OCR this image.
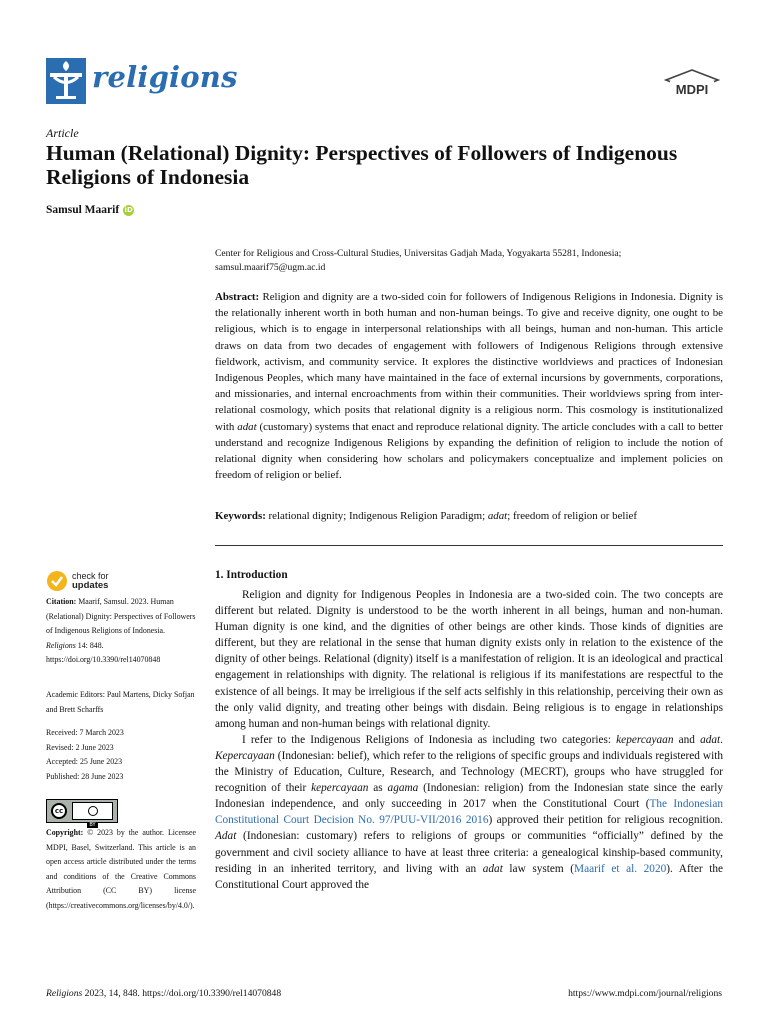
religions	MDPI
Article
Human (Relational) Dignity: Perspectives of Followers of Indigenous Religions of Indonesia
Samsul Maarif iD
Center for Religious and Cross-Cultural Studies, Universitas Gadjah Mada, Yogyakarta 55281, Indonesia;
samsul.maarif75@ugm.ac.id

Abstract: Religion and dignity are a two-sided coin for followers of Indigenous Religions in Indonesia. Dignity is the relationally inherent worth in both human and non-human beings. To give and receive dignity, one ought to be religious, which is to engage in interpersonal relationships with all beings, human and non-human. This article draws on data from two decades of engagement with followers of Indigenous Religions through extensive fieldwork, activism, and community service. It explores the distinctive worldviews and practices of Indonesian Indigenous Peoples, which many have maintained in the face of external incursions by governments, corporations, and missionaries, and internal encroachments from within their communities. Their worldviews spring from inter-relational cosmology, which posits that relational dignity is a religious norm. This cosmology is institutionalized with adat (customary) systems that enact and reproduce relational dignity. The article concludes with a call to better understand and recognize Indigenous Religions by expanding the definition of religion to include the notion of relational dignity when considering how scholars and policymakers conceptualize and implement policies on freedom of religion or belief.

Keywords: relational dignity; Indigenous Religion Paradigm; adat; freedom of religion or belief
1. Introduction

Religion and dignity for Indigenous Peoples in Indonesia are a two-sided coin. The two concepts are different but related. Dignity is understood to be the worth inherent in all beings, human and non-human. Human dignity is one kind, and the dignities of other beings are other kinds. Those kinds of dignities are different, but they are relational in the sense that human dignity exists only in relation to the existence of the dignity of other beings. Relational (dignity) itself is a manifestation of religion. It is an ideological and practical engagement in relationships with dignity. The relational is religious if its manifestations are respectful to the existence of all beings. It may be irreligious if the self acts selfishly in this relationship, perceiving their own as the only valid dignity, and treating other beings with disdain. Being religious is to engage in relationships among human and non-human beings with relational dignity.

I refer to the Indigenous Religions of Indonesia as including two categories: kepercayaan and adat. Kepercayaan (Indonesian: belief), which refer to the religions of specific groups and individuals registered with the Ministry of Education, Culture, Research, and Technology (MECRT), groups who have struggled for recognition of their kepercayaan as agama (Indonesian: religion) from the Indonesian state since the early Indonesian independence, and only succeeding in 2017 when the Constitutional Court (The Indonesian Constitutional Court Decision No. 97/PUU-VII/2016 2016) approved their petition for religious recognition. Adat (Indonesian: customary) refers to religions of groups or communities “officially” defined by the government and civil society alliance to have at least three criteria: a genealogical kinship-based community, residing in an inherited territory, and living with an adat law system (Maarif et al. 2020). After the Constitutional Court approved the

check for
updates
Citation: Maarif, Samsul. 2023. Human (Relational) Dignity: Perspectives of Followers of Indigenous Religions of Indonesia. Religions 14: 848. https://doi.org/10.3390/rel14070848
Academic Editors: Paul Martens, Dicky Sofjan and Brett Scharffs
Received: 7 March 2023
Revised: 2 June 2023
Accepted: 25 June 2023
Published: 28 June 2023
cc
BY
Copyright: © 2023 by the author. Licensee MDPI, Basel, Switzerland. This article is an open access article distributed under the terms and conditions of the Creative Commons Attribution (CC BY) license (https://creativecommons.org/licenses/by/4.0/).
Religions 2023, 14, 848. https://doi.org/10.3390/rel14070848	https://www.mdpi.com/journal/religions
